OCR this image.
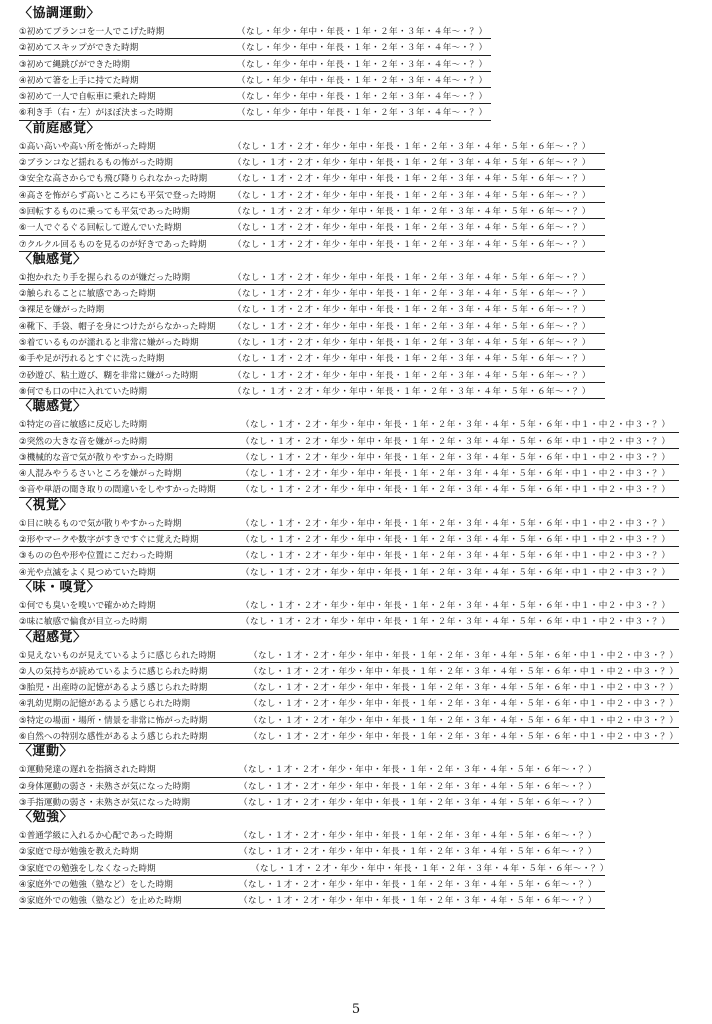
〈協調運動〉
①初めてブランコを一人でこげた時期	（なし・年少・年中・年長・１年・２年・３年・４年～・？）
②初めてスキップができた時期	（なし・年少・年中・年長・１年・２年・３年・４年～・？）
③初めて縄跳びができた時期	（なし・年少・年中・年長・１年・２年・３年・４年～・？）
④初めて箸を上手に持てた時期	（なし・年少・年中・年長・１年・２年・３年・４年～・？）
⑤初めて一人で自転車に乗れた時期	（なし・年少・年中・年長・１年・２年・３年・４年～・？）
⑥利き手（右・左）がほぼ決まった時期	（なし・年少・年中・年長・１年・２年・３年・４年～・？）
〈前庭感覚〉
①高い高いや高い所を怖がった時期	（なし・１才・２才・年少・年中・年長・１年・２年・３年・４年・５年・６年～・？）
②ブランコなど揺れるもの怖がった時期	（なし・１才・２才・年少・年中・年長・１年・２年・３年・４年・５年・６年～・？）
③安全な高さからでも飛び降りられなかった時期	（なし・１才・２才・年少・年中・年長・１年・２年・３年・４年・５年・６年～・？）
④高さを怖がらず高いところにも平気で登った時期 （なし・１才・２才・年少・年中・年長・１年・２年・３年・４年・５年・６年～・？）
⑤回転するものに乗っても平気であった時期	（なし・１才・２才・年少・年中・年長・１年・２年・３年・４年・５年・６年～・？）
⑥一人でぐるぐる回転して遊んでいた時期	（なし・１才・２才・年少・年中・年長・１年・２年・３年・４年・５年・６年～・？）
⑦クルクル回るものを見るのが好きであった時期	（なし・１才・２才・年少・年中・年長・１年・２年・３年・４年・５年・６年～・？）
〈触感覚〉
①抱かれたり手を握られるのが嫌だった時期	（なし・１才・２才・年少・年中・年長・１年・２年・３年・４年・５年・６年～・？）
②触られることに敏感であった時期	（なし・１才・２才・年少・年中・年長・１年・２年・３年・４年・５年・６年～・？）
③裸足を嫌がった時期	（なし・１才・２才・年少・年中・年長・１年・２年・３年・４年・５年・６年～・？）
④靴下、手袋、帽子を身につけたがらなかった時期 （なし・１才・２才・年少・年中・年長・１年・２年・３年・４年・５年・６年～・？）
⑤着ているものが濡れると非常に嫌がった時期	（なし・１才・２才・年少・年中・年長・１年・２年・３年・４年・５年・６年～・？）
⑥手や足が汚れるとすぐに洗った時期	（なし・１才・２才・年少・年中・年長・１年・２年・３年・４年・５年・６年～・？）
⑦砂遊び、粘土遊び、糊を非常に嫌がった時期	（なし・１才・２才・年少・年中・年長・１年・２年・３年・４年・５年・６年～・？）
⑧何でも口の中に入れていた時期	（なし・１才・２才・年少・年中・年長・１年・２年・３年・４年・５年・６年～・？）
〈聴感覚〉
①特定の音に敏感に反応した時期	（なし・１才・２才・年少・年中・年長・１年・２年・３年・４年・５年・６年・中１・中２・中３・？）
②突然の大きな音を嫌がった時期	（なし・１才・２才・年少・年中・年長・１年・２年・３年・４年・５年・６年・中１・中２・中３・？）
③機械的な音で気が散りやすかった時期	（なし・１才・２才・年少・年中・年長・１年・２年・３年・４年・５年・６年・中１・中２・中３・？）
④人混みやうるさいところを嫌がった時期	（なし・１才・２才・年少・年中・年長・１年・２年・３年・４年・５年・６年・中１・中２・中３・？）
⑤音や単語の聞き取りの間違いをしやすかった時期	（なし・１才・２才・年少・年中・年長・１年・２年・３年・４年・５年・６年・中１・中２・中３・？）
〈視覚〉
①目に映るもので気が散りやすかった時期	（なし・１才・２才・年少・年中・年長・１年・２年・３年・４年・５年・６年・中１・中２・中３・？）
②形やマークや数字がすきですぐに覚えた時期	（なし・１才・２才・年少・年中・年長・１年・２年・３年・４年・５年・６年・中１・中２・中３・？）
③ものの色や形や位置にこだわった時期	（なし・１才・２才・年少・年中・年長・１年・２年・３年・４年・５年・６年・中１・中２・中３・？）
④光や点滅をよく見つめていた時期	（なし・１才・２才・年少・年中・年長・１年・２年・３年・４年・５年・６年・中１・中２・中３・？）
〈味・嗅覚〉
①何でも臭いを嗅いで確かめた時期	（なし・１才・２才・年少・年中・年長・１年・２年・３年・４年・５年・６年・中１・中２・中３・？）
②味に敏感で偏食が目立った時期	（なし・１才・２才・年少・年中・年長・１年・２年・３年・４年・５年・６年・中１・中２・中３・？）
〈超感覚〉
①見えないものが見えているように感じられた時期	（なし・１才・２才・年少・年中・年長・１年・２年・３年・４年・５年・６年・中１・中２・中３・？）
②人の気持ちが読めているように感じられた時期	（なし・１才・２才・年少・年中・年長・１年・２年・３年・４年・５年・６年・中１・中２・中３・？）
③胎児・出産時の記憶があるよう感じられた時期	（なし・１才・２才・年少・年中・年長・１年・２年・３年・４年・５年・６年・中１・中２・中３・？）
④乳幼児期の記憶があるよう感じられた時期	（なし・１才・２才・年少・年中・年長・１年・２年・３年・４年・５年・６年・中１・中２・中３・？）
⑤特定の場面・場所・情景を非常に怖がった時期	（なし・１才・２才・年少・年中・年長・１年・２年・３年・４年・５年・６年・中１・中２・中３・？）
⑥自然への特別な感性があるよう感じられた時期	（なし・１才・２才・年少・年中・年長・１年・２年・３年・４年・５年・６年・中１・中２・中３・？）
〈運動〉
①運動発達の遅れを指摘された時期	（なし・１才・２才・年少・年中・年長・１年・２年・３年・４年・５年・６年～・？）
②身体運動の弱さ・未熟さが気になった時期	（なし・１才・２才・年少・年中・年長・１年・２年・３年・４年・５年・６年～・？）
③手指運動の弱さ・未熟さが気になった時期	（なし・１才・２才・年少・年中・年長・１年・２年・３年・４年・５年・６年～・？）
〈勉強〉
①普通学級に入れるか心配であった時期	（なし・１才・２才・年少・年中・年長・１年・２年・３年・４年・５年・６年～・？）
②家庭で母が勉強を教えた時期	（なし・１才・２才・年少・年中・年長・１年・２年・３年・４年・５年・６年～・？）
③家庭での勉強をしなくなった時期	（なし・１才・２才・年少・年中・年長・１年・２年・３年・４年・５年・６年～・？）
④家庭外での勉強（塾など）をした時期	（なし・１才・２才・年少・年中・年長・１年・２年・３年・４年・５年・６年～・？）
⑤家庭外での勉強（塾など）を止めた時期	（なし・１才・２才・年少・年中・年長・１年・２年・３年・４年・５年・６年～・？）
5
